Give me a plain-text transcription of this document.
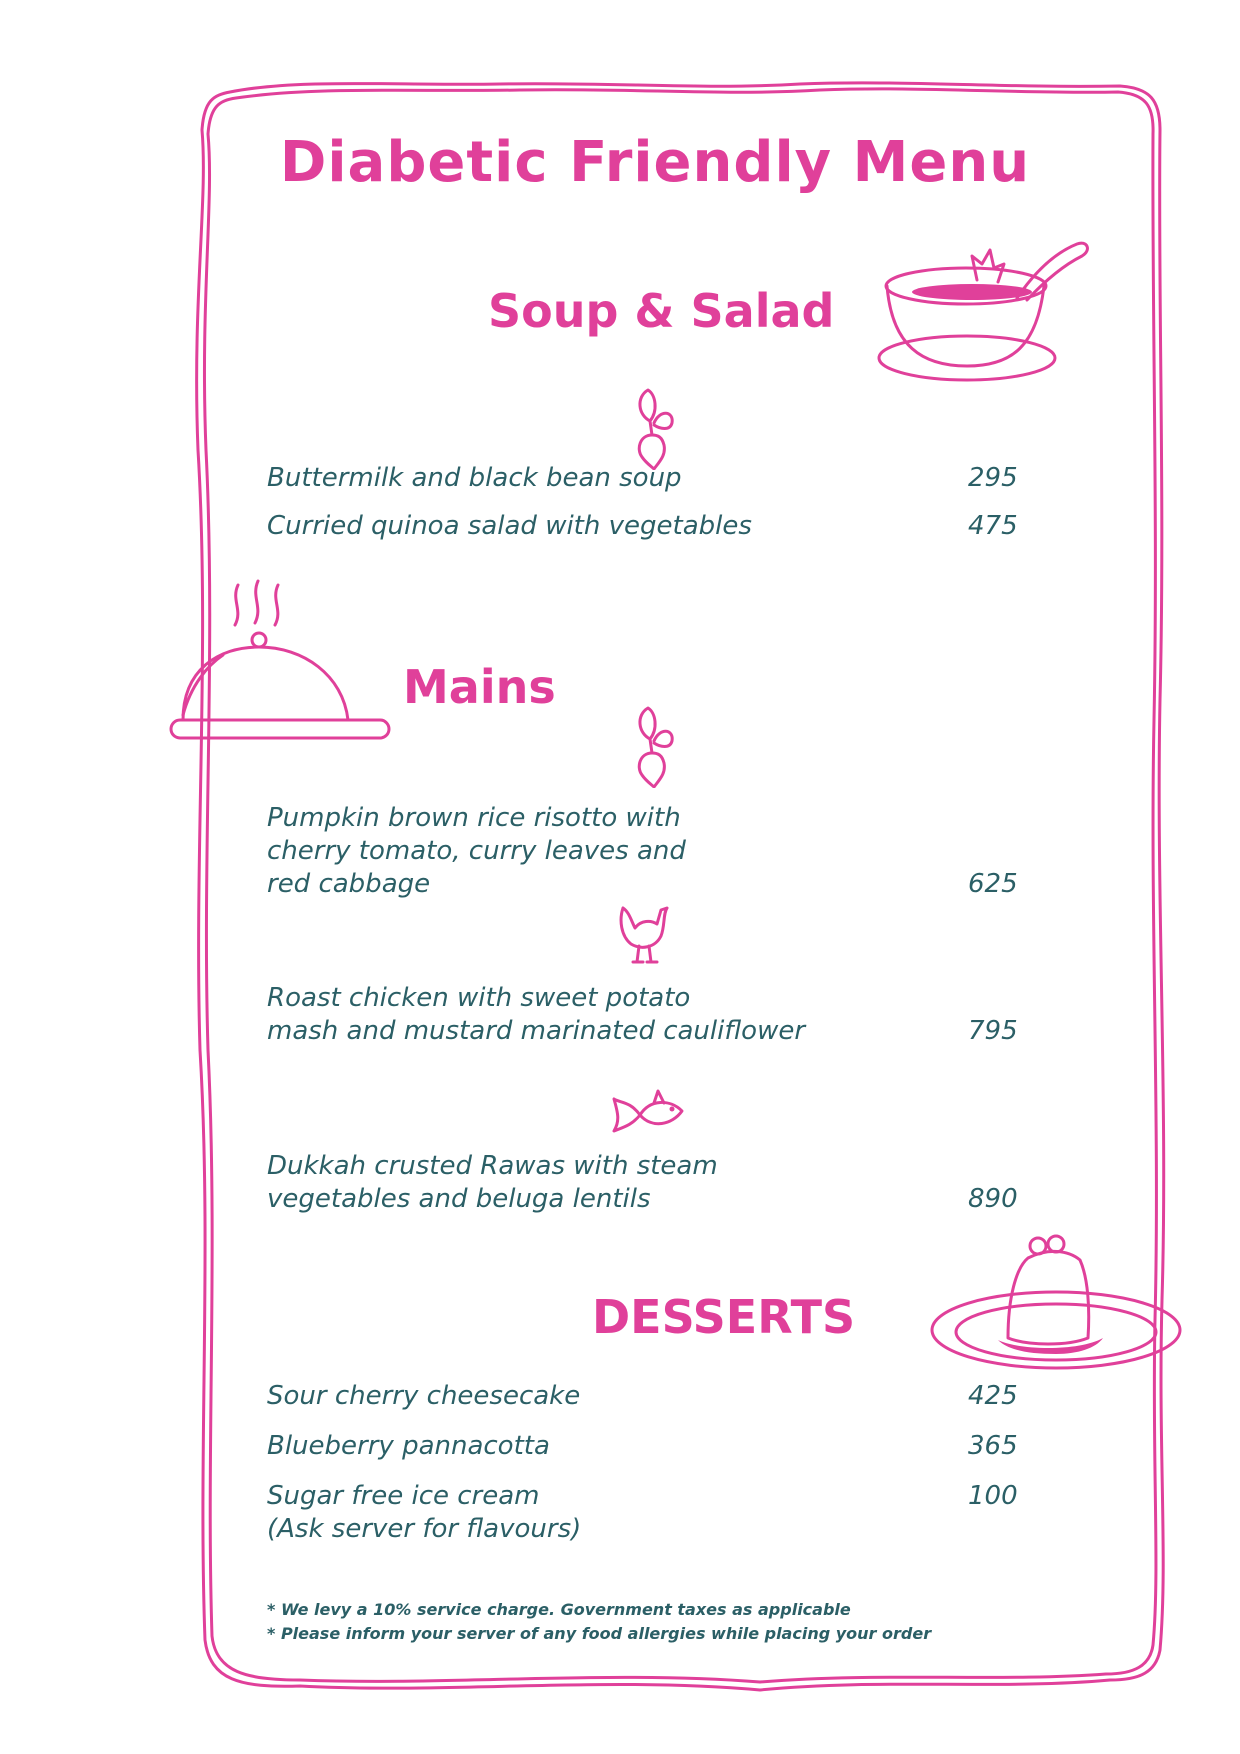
Diabetic Friendly Menu
Soup & Salad
Buttermilk and black bean soup	295
Curried quinoa salad with vegetables	475
Mains
Pumpkin brown rice risotto with
cherry tomato, curry leaves and
red cabbage	625
Roast chicken with sweet potato
mash and mustard marinated cauliflower	795
Dukkah crusted Rawas with steam
vegetables and beluga lentils	890
DESSERTS
Sour cherry cheesecake	425
Blueberry pannacotta	365
Sugar free ice cream
(Ask server for flavours)
100
* We levy a 10% service charge. Government taxes as applicable
* Please inform your server of any food allergies while placing your order
